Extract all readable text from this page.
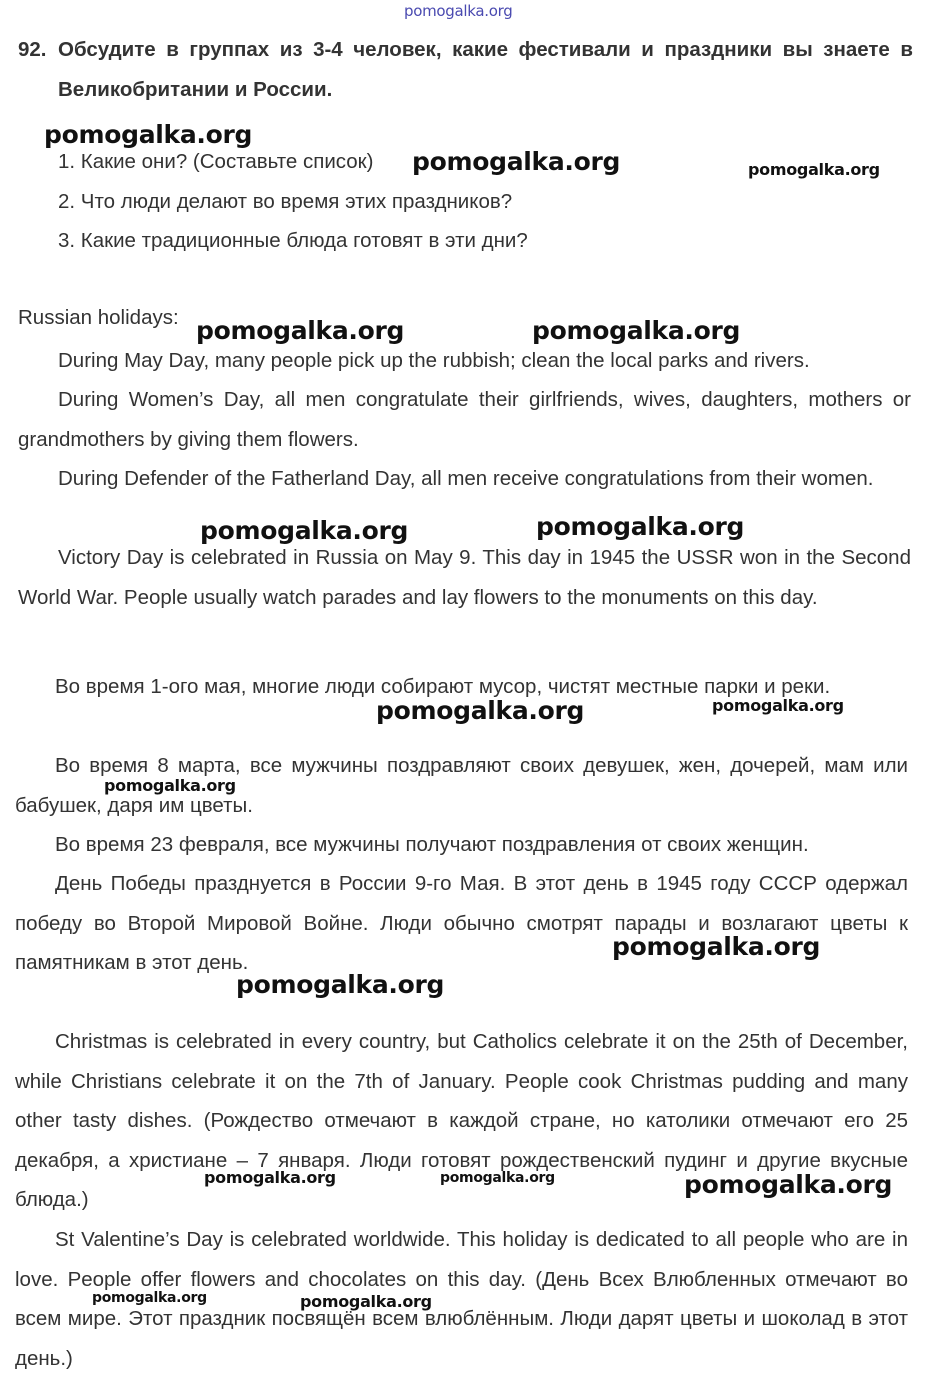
pomogalka.org
92. Обсудите в группах из 3-4 человек, какие фестивали и праздники вы знаете в Великобритании и России.
1. Какие они? (Составьте список)
2. Что люди делают во время этих праздников?
3. Какие традиционные блюда готовят в эти дни?
Russian holidays:
During May Day, many people pick up the rubbish; clean the local parks and rivers.
During Women’s Day, all men congratulate their girlfriends, wives, daughters, mothers or grandmothers by giving them flowers.
During Defender of the Fatherland Day, all men receive congratulations from their women.
Victory Day is celebrated in Russia on May 9. This day in 1945 the USSR won in the Second World War. People usually watch parades and lay flowers to the monuments on this day.
Во время 1-ого мая, многие люди собирают мусор, чистят местные парки и реки.
Во время 8 марта, все мужчины поздравляют своих девушек, жен, дочерей, мам или бабушек, даря им цветы.
Во время 23 февраля, все мужчины получают поздравления от своих женщин.
День Победы празднуется в России 9-го Мая. В этот день в 1945 году СССР одержал победу во Второй Мировой Войне. Люди обычно смотрят парады и возлагают цветы к памятникам в этот день.
Christmas is celebrated in every country, but Catholics celebrate it on the 25th of December, while Christians celebrate it on the 7th of January. People cook Christmas pudding and many other tasty dishes. (Рождество отмечают в каждой стране, но католики отмечают его 25 декабря, а христиане – 7 января. Люди готовят рождественский пудинг и другие вкусные блюда.)
St Valentine’s Day is celebrated worldwide. This holiday is dedicated to all people who are in love. People offer flowers and chocolates on this day. (День Всех Влюбленных отмечают во всем мире. Этот праздник посвящён всем влюблённым. Люди дарят цветы и шоколад в этот день.)
pomogalka.org
pomogalka.org	pomogalka.org
pomogalka.org	pomogalka.org
pomogalka.org	pomogalka.org
pomogalka.org	pomogalka.org
pomogalka.org
pomogalka.org
pomogalka.org
pomogalka.org	pomogalka.org	pomogalka.org
pomogalka.org	pomogalka.org
